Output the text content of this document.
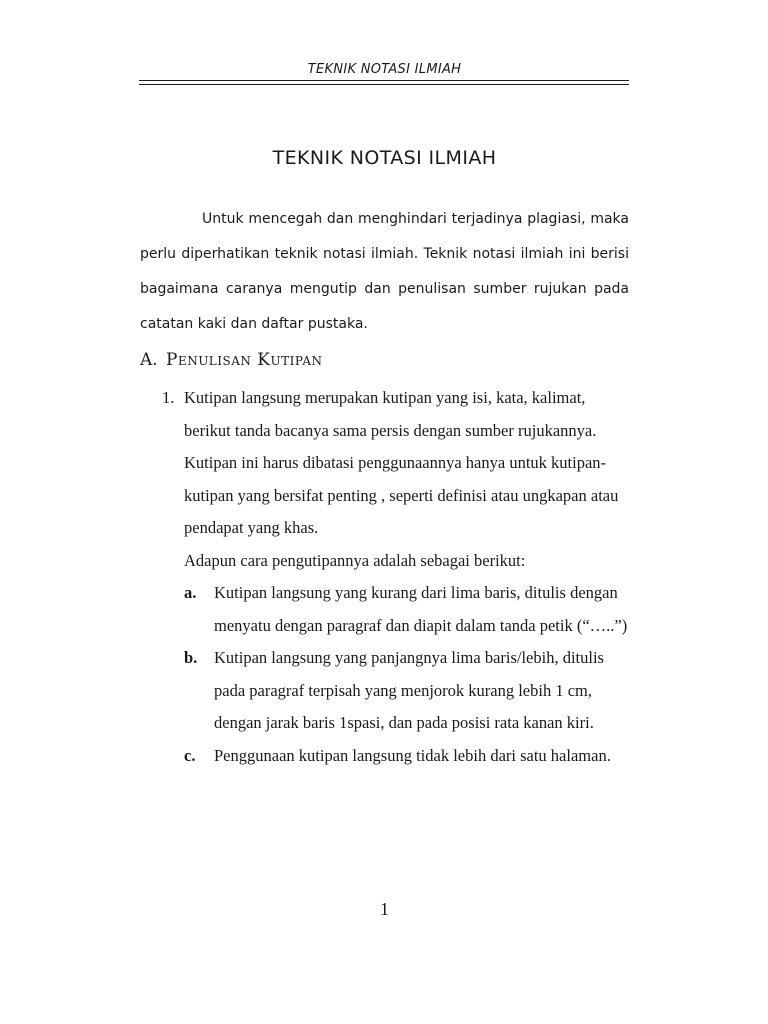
TEKNIK NOTASI ILMIAH
TEKNIK NOTASI ILMIAH

Untuk mencegah dan menghindari terjadinya plagiasi, maka perlu diperhatikan teknik notasi ilmiah. Teknik notasi ilmiah ini berisi bagaimana caranya mengutip dan penulisan sumber rujukan pada catatan kaki dan daftar pustaka.

A. Penulisan Kutipan
1. Kutipan langsung merupakan kutipan yang isi, kata, kalimat, berikut tanda bacanya sama persis dengan sumber rujukannya. Kutipan ini harus dibatasi penggunaannya hanya untuk kutipan-kutipan yang bersifat penting , seperti definisi atau ungkapan atau pendapat yang khas.

Adapun cara pengutipannya adalah sebagai berikut:

a.	Kutipan langsung yang kurang dari lima baris, ditulis dengan menyatu dengan paragraf dan diapit dalam tanda petik (“…..”)

b.	Kutipan langsung yang panjangnya lima baris/lebih, ditulis pada paragraf terpisah yang menjorok kurang lebih 1 cm, dengan jarak baris 1spasi, dan pada posisi rata kanan kiri.

c.	Penggunaan kutipan langsung tidak lebih dari satu halaman.

1
